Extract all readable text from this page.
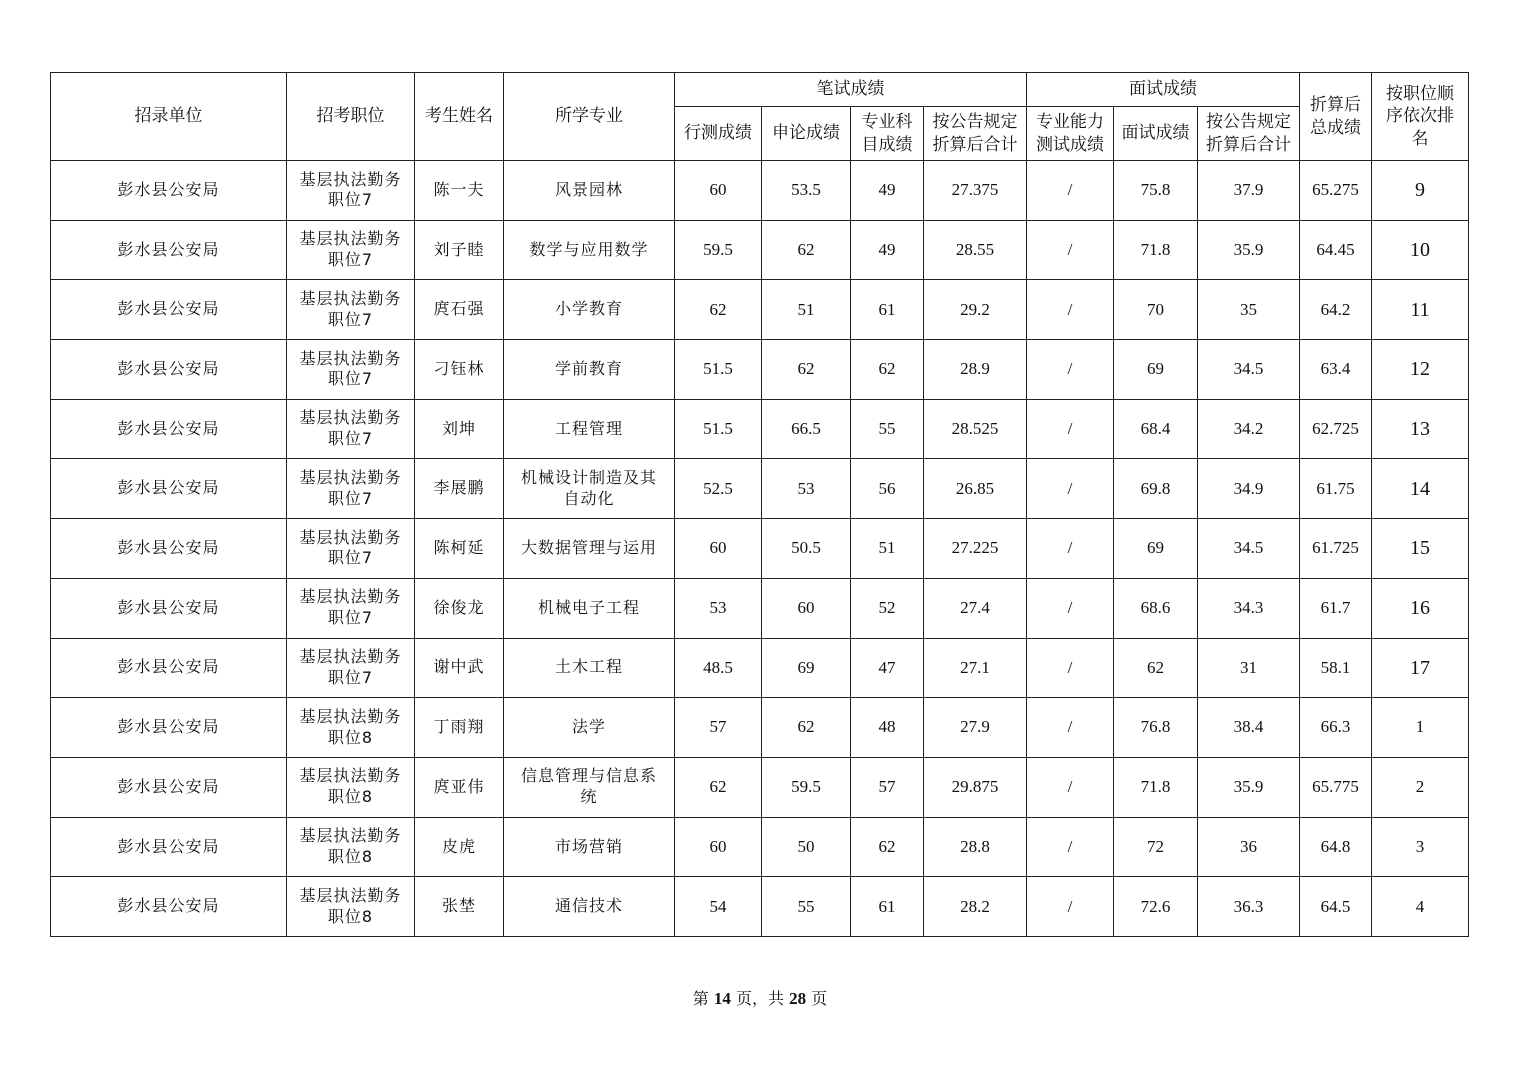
招录单位	招考职位	考生姓名	所学专业	笔试成绩				面试成绩			折算后总成绩	按职位顺序依次排名
				行测成绩	申论成绩	专业科目成绩	按公告规定折算后合计	专业能力测试成绩	面试成绩	按公告规定折算后合计		
彭水县公安局	基层执法勤务职位7	陈一夫	风景园林	60	53.5	49	27.375	/	75.8	37.9	65.275	9
彭水县公安局	基层执法勤务职位7	刘子睦	数学与应用数学	59.5	62	49	28.55	/	71.8	35.9	64.45	10
彭水县公安局	基层执法勤务职位7	庹石强	小学教育	62	51	61	29.2	/	70	35	64.2	11
彭水县公安局	基层执法勤务职位7	刁钰林	学前教育	51.5	62	62	28.9	/	69	34.5	63.4	12
彭水县公安局	基层执法勤务职位7	刘坤	工程管理	51.5	66.5	55	28.525	/	68.4	34.2	62.725	13
彭水县公安局	基层执法勤务职位7	李展鹏	机械设计制造及其自动化	52.5	53	56	26.85	/	69.8	34.9	61.75	14
彭水县公安局	基层执法勤务职位7	陈柯延	大数据管理与运用	60	50.5	51	27.225	/	69	34.5	61.725	15
彭水县公安局	基层执法勤务职位7	徐俊龙	机械电子工程	53	60	52	27.4	/	68.6	34.3	61.7	16
彭水县公安局	基层执法勤务职位7	谢中武	土木工程	48.5	69	47	27.1	/	62	31	58.1	17
彭水县公安局	基层执法勤务职位8	丁雨翔	法学	57	62	48	27.9	/	76.8	38.4	66.3	1
彭水县公安局	基层执法勤务职位8	庹亚伟	信息管理与信息系统	62	59.5	57	29.875	/	71.8	35.9	65.775	2
彭水县公安局	基层执法勤务职位8	皮虎	市场营销	60	50	62	28.8	/	72	36	64.8	3
彭水县公安局	基层执法勤务职位8	张埜	通信技术	54	55	61	28.2	/	72.6	36.3	64.5	4
第 14 页，共 28 页
